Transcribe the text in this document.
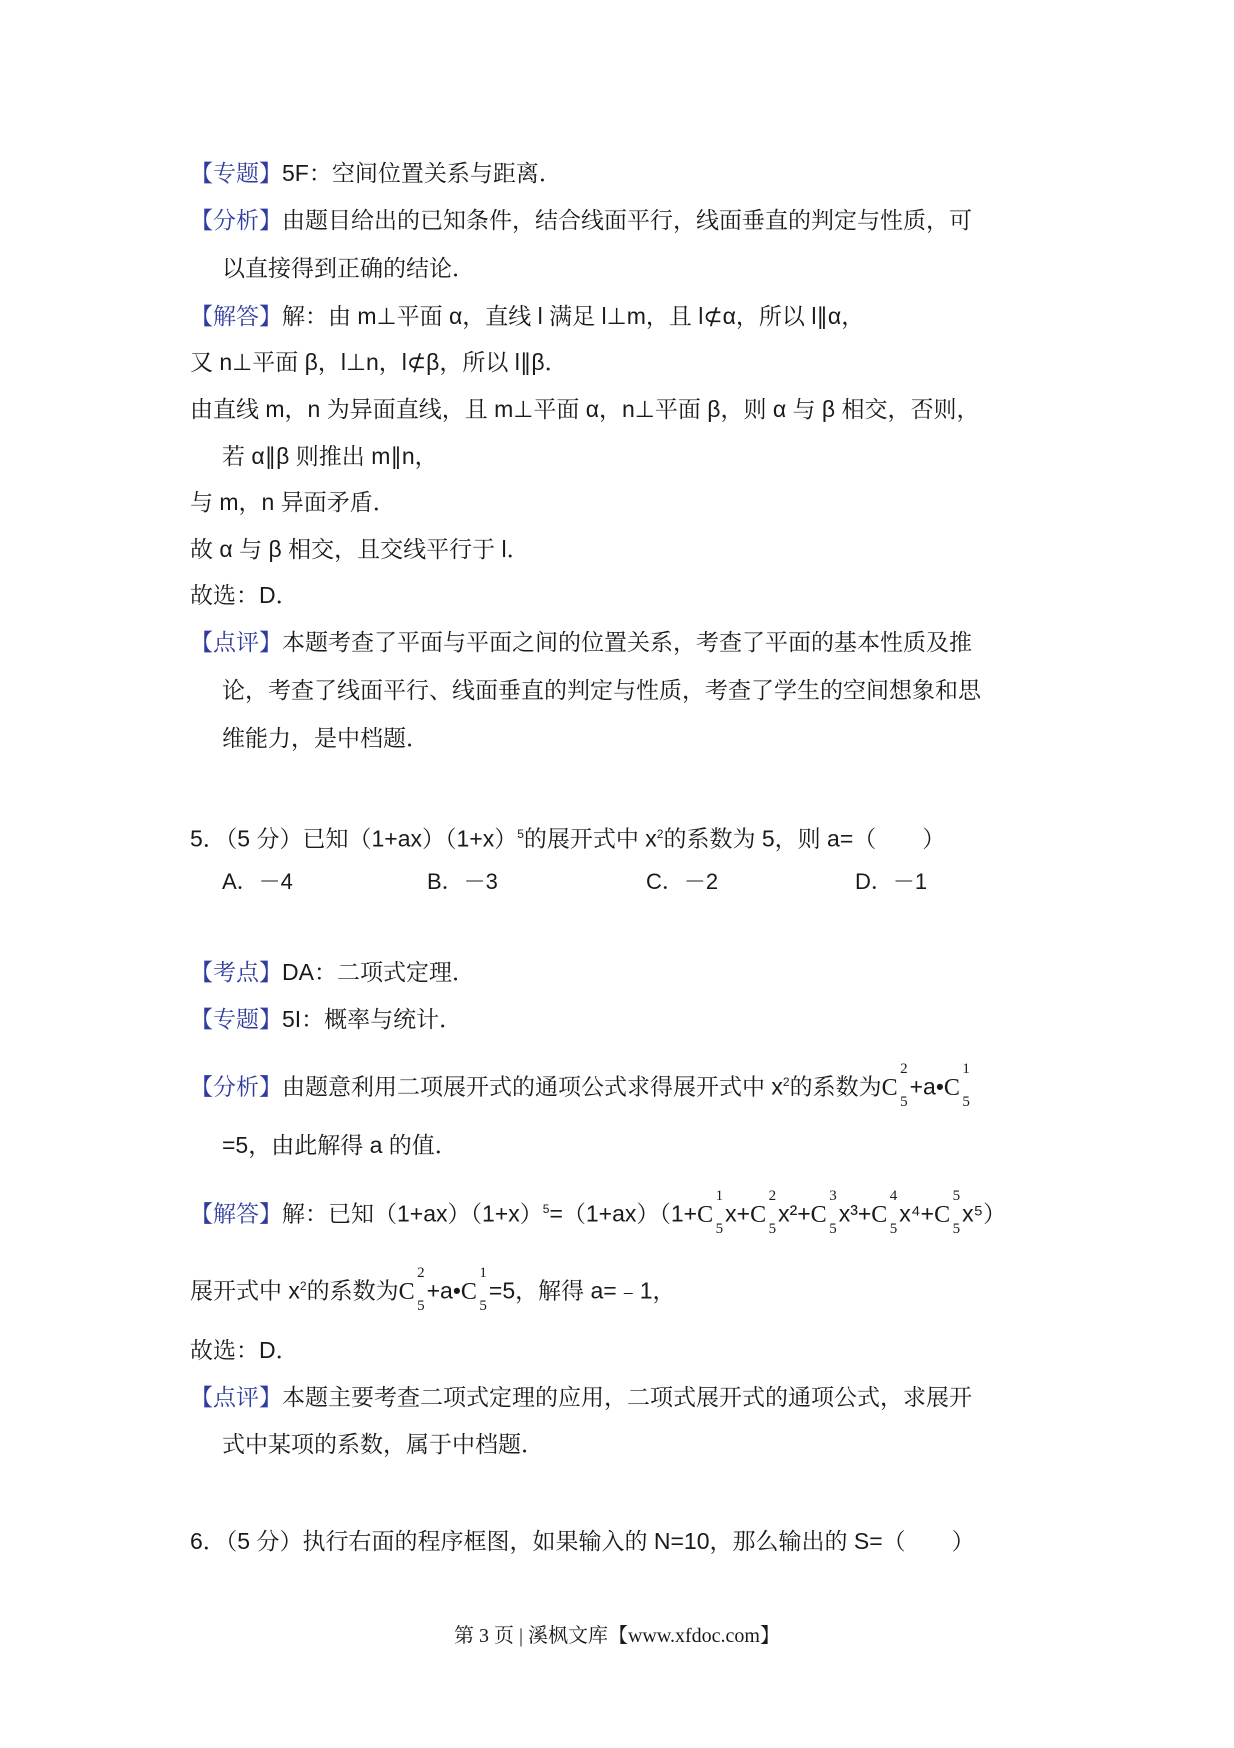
【专题】5F：空间位置关系与距离．
【分析】由题目给出的已知条件，结合线面平行，线面垂直的判定与性质，可
以直接得到正确的结论．
【解答】解：由 m⊥平面 α，直线 l 满足 l⊥m，且 l⊄α，所以 l∥α，
又 n⊥平面 β，l⊥n，l⊄β，所以 l∥β．
由直线 m，n 为异面直线，且 m⊥平面 α，n⊥平面 β，则 α 与 β 相交，否则，
若 α∥β 则推出 m∥n，
与 m，n 异面矛盾．
故 α 与 β 相交，且交线平行于 l．
故选：D．
【点评】本题考查了平面与平面之间的位置关系，考查了平面的基本性质及推
论，考查了线面平行、线面垂直的判定与性质，考查了学生的空间想象和思
维能力，是中档题．
5．（5 分）已知$(1+ax)(1+x)^5$的展开式中 $x^2$的系数为 5，则 a=（　　）
A．－4	B．－3	C．－2	D．－1
【考点】DA：二项式定理．
【专题】5I：概率与统计．
【分析】由题意利用二项展开式的通项公式求得展开式中 $x^2$的系数为C
2
5
+a•C
1
5
=5，由此解得 a 的值．
【解答】解：已知$(1+ax)(1+x)^5=(1+ax)(1+C$
1
5
x+C
2
5
x²+C
3
5
x³+C
4
5
x⁴+C
5
5
x⁵）
展开式中 $x^2$的系数为C
2
5
+a•C
1
5
=5，解得 a=﹣1，
故选：D．
【点评】本题主要考查二项式定理的应用，二项式展开式的通项公式，求展开
式中某项的系数，属于中档题．
6．（5 分）执行右面的程序框图，如果输入的 N=10，那么输出的 S=（　　）
第 3 页 | 溪枫文库【www.xfdoc.com】
